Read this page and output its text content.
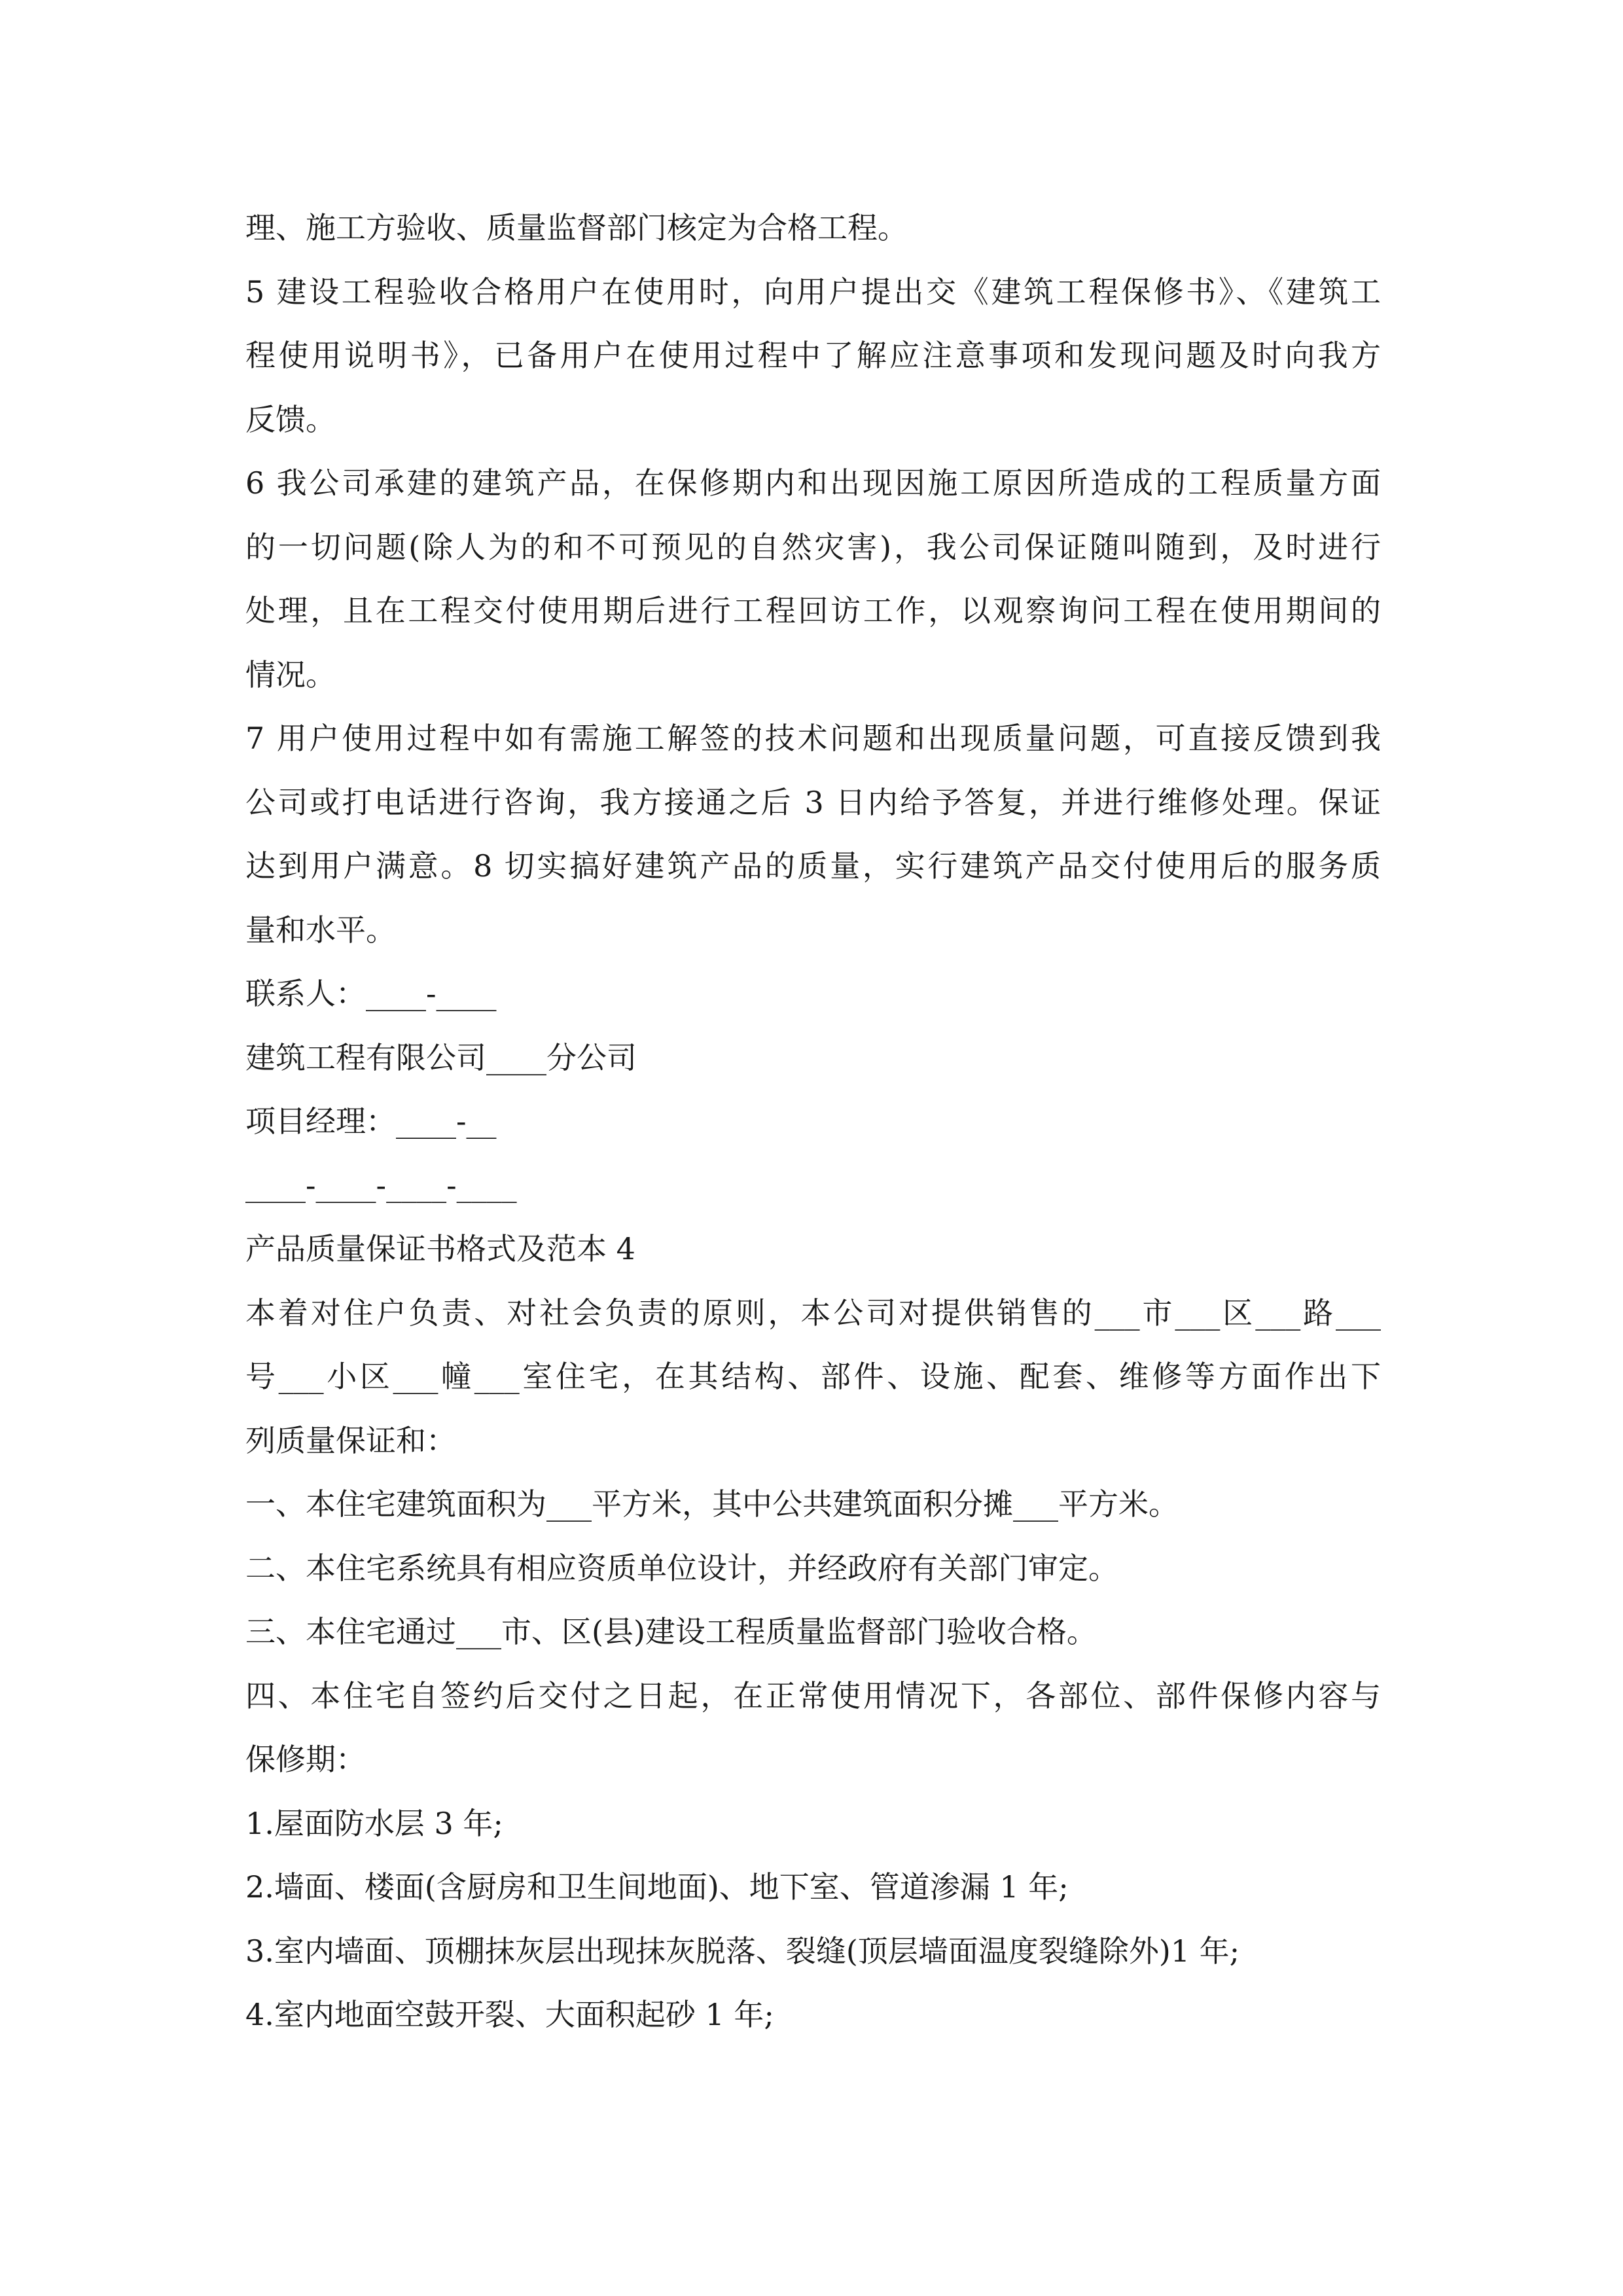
理、施工方验收、质量监督部门核定为合格工程。
5 建设工程验收合格用户在使用时，向用户提出交《建筑工程保修书》、《建筑工
程使用说明书》，已备用户在使用过程中了解应注意事项和发现问题及时向我方
反馈。
6 我公司承建的建筑产品，在保修期内和出现因施工原因所造成的工程质量方面
的一切问题(除人为的和不可预见的自然灾害)，我公司保证随叫随到，及时进行
处理，且在工程交付使用期后进行工程回访工作，以观察询问工程在使用期间的
情况。
7 用户使用过程中如有需施工解签的技术问题和出现质量问题，可直接反馈到我
公司或打电话进行咨询，我方接通之后 3 日内给予答复，并进行维修处理。保证
达到用户满意。8 切实搞好建筑产品的质量，实行建筑产品交付使用后的服务质
量和水平。
联系人：____-____
建筑工程有限公司____分公司
项目经理：____-__
____-____-____-____
产品质量保证书格式及范本 4
本着对住户负责、对社会负责的原则，本公司对提供销售的___市___区___路___
号___小区___幢___室住宅，在其结构、部件、设施、配套、维修等方面作出下
列质量保证和：
一、本住宅建筑面积为___平方米，其中公共建筑面积分摊___平方米。
二、本住宅系统具有相应资质单位设计，并经政府有关部门审定。
三、本住宅通过___市、区(县)建设工程质量监督部门验收合格。
四、本住宅自签约后交付之日起，在正常使用情况下，各部位、部件保修内容与
保修期：
1.屋面防水层 3 年;
2.墙面、楼面(含厨房和卫生间地面)、地下室、管道渗漏 1 年;
3.室内墙面、顶棚抹灰层出现抹灰脱落、裂缝(顶层墙面温度裂缝除外)1 年;
4.室内地面空鼓开裂、大面积起砂 1 年;
